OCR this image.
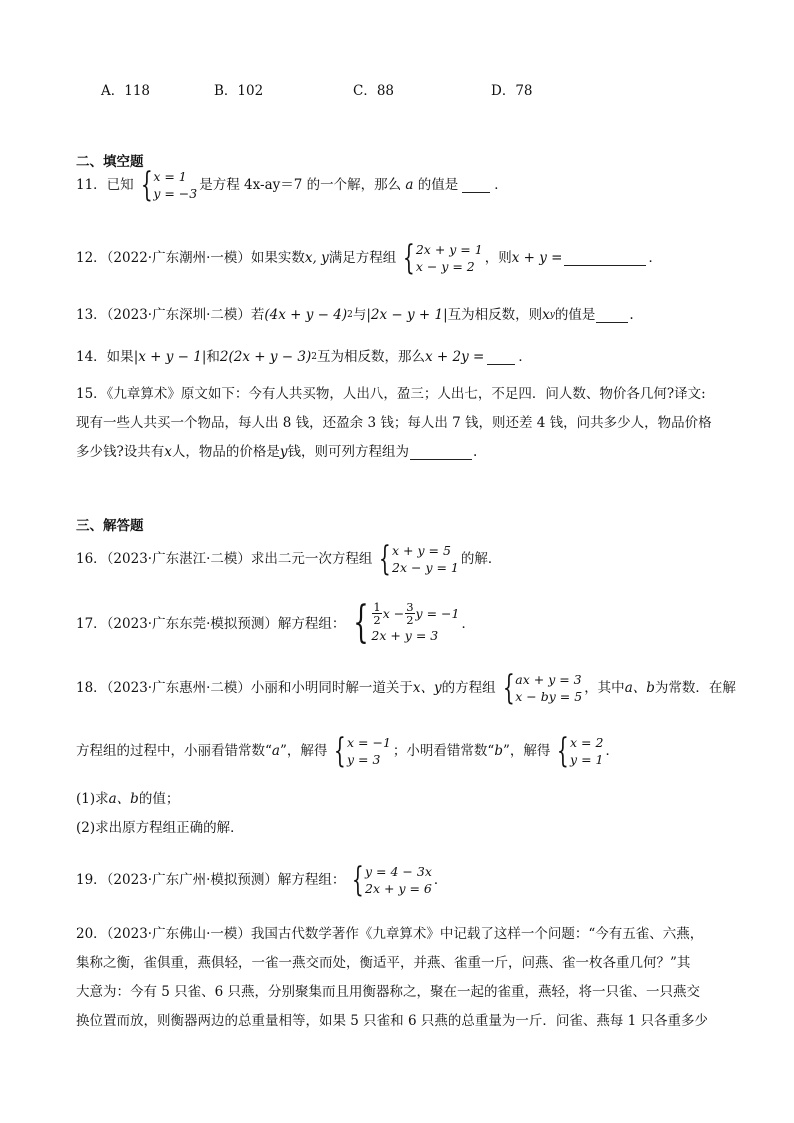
A．118	B．102	C．88	D．78
二、填空题
11．已知 { x = 1
y = −3
是方程 4x-ay＝7 的一个解，那么
a
的值是	．
12．（2022·广东潮州·一模）如果实数 x, y 满足方程组 { 2x + y = 1
x − y = 2
，则 x + y =	．
13．（2023·广东深圳·二模）若 (4x + y − 4) 2 与 |2x − y + 1| 互为相反数，则 x y 的值是	.
14．如果 |x + y − 1| 和 2(2x + y − 3) 2 互为相反数，那么 x + 2y =	．
15．《九章算术》原文如下：今有人共买物，人出八，盈三；人出七，不足四．问人数、物价各几何?译文:
现有一些人共买一个物品，每人出 8 钱，还盈余 3 钱；每人出 7 钱，则还差 4 钱，问共多少人，物品价格
多少钱?设共有 x 人，物品的价格是 y 钱，则可列方程组为	.
三、解答题
16．（2023·广东湛江·二模）求出二元一次方程组 { x + y = 5
2x − y = 1
的解．
17．（2023·广东东莞·模拟预测）解方程组： { $\frac{1}{2}$ $x - \frac{3}{2}$ y = −1
2x + y = 3
．
18．（2023·广东惠州·二模）小丽和小明同时解一道关于 x、y 的方程组 { ax + y = 3
x − by = 5
，其中 a、b 为常数．在解
方程组的过程中，小丽看错常数“ a ”，解得 { x = −1
y = 3
；小明看错常数“ b ”，解得 { x = 2
y = 1
．
(1)求 a、b 的值；
(2)求出原方程组正确的解．
19．（2023·广东广州·模拟预测）解方程组： { y = 4 − 3x
2x + y = 6
．
20．（2023·广东佛山·一模）我国古代数学著作《九章算术》中记载了这样一个问题：“今有五雀、六燕，
集称之衡，雀俱重，燕俱轻，一雀一燕交而处，衡适平，并燕、雀重一斤，问燕、雀一枚各重几何？”其
大意为：今有 5 只雀、6 只燕，分别聚集而且用衡器称之，聚在一起的雀重，燕轻，将一只雀、一只燕交
换位置而放，则衡器两边的总重量相等，如果 5 只雀和 6 只燕的总重量为一斤．问雀、燕每 1 只各重多少
